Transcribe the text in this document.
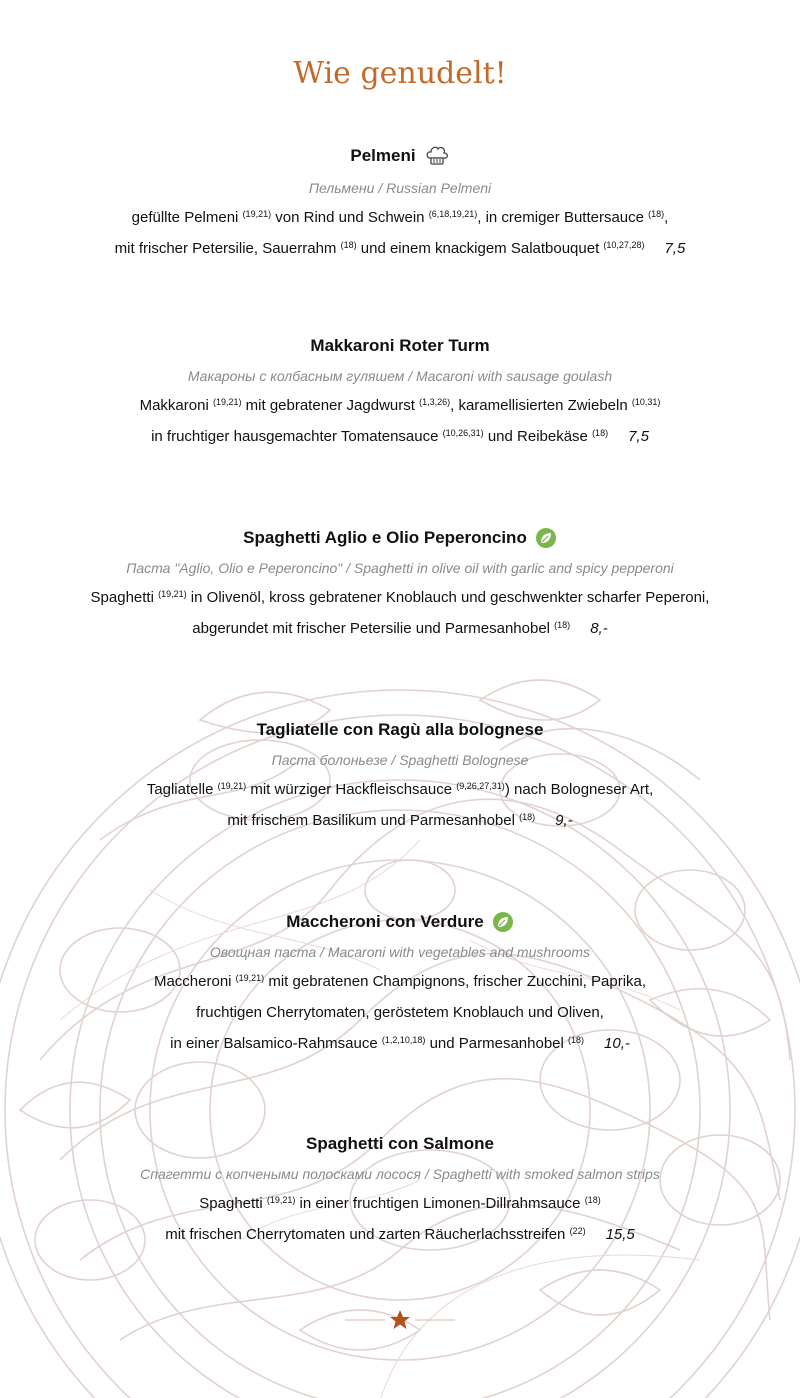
Wie genudelt!
Pelmeni
Пельмени / Russian Pelmeni
gefüllte Pelmeni $^{(19,21)}$ von Rind und Schwein $^{(6,18,19,21)}$, in cremiger Buttersauce $^{(18)}$,
mit frischer Petersilie, Sauerrahm $^{(18)}$ und einem knackigem Salatbouquet $^{(10,27,28)}$ 7,5
Makkaroni Roter Turm
Макароны с колбасным гуляшем / Macaroni with sausage goulash
Makkaroni $^{(19,21)}$ mit gebratener Jagdwurst $^{(1,3,26)}$, karamellisierten Zwiebeln $^{(10,31)}$
in fruchtiger hausgemachter Tomatensauce $^{(10,26,31)}$ und Reibekäse $^{(18)}$ 7,5
Spaghetti Aglio e Olio Peperoncino
Паста "Aglio, Olio e Peperoncino" / Spaghetti in olive oil with garlic and spicy pepperoni
Spaghetti $^{(19,21)}$ in Olivenöl, kross gebratener Knoblauch und geschwenkter scharfer Peperoni,
abgerundet mit frischer Petersilie und Parmesanhobel $^{(18)}$ 8,-
Tagliatelle con Ragù alla bolognese
Паста болоньезе / Spaghetti Bolognese
Tagliatelle $^{(19,21)}$ mit würziger Hackfleischsauce $^{(9,26,27,31)}$) nach Bologneser Art,
mit frischem Basilikum und Parmesanhobel $^{(18)}$ 9,-
Maccheroni con Verdure
Овощная паста / Macaroni with vegetables and mushrooms
Maccheroni $^{(19,21)}$ mit gebratenen Champignons, frischer Zucchini, Paprika,
fruchtigen Cherrytomaten, geröstetem Knoblauch und Oliven,
in einer Balsamico-Rahmsauce $^{(1,2,10,18)}$ und Parmesanhobel $^{(18)}$ 10,-
Spaghetti con Salmone
Спагетти с копчеными полосками лосося / Spaghetti with smoked salmon strips
Spaghetti $^{(19,21)}$ in einer fruchtigen Limonen-Dillrahmsauce $^{(18)}$
mit frischen Cherrytomaten und zarten Räucherlachsstreifen $^{(22)}$ 15,5
